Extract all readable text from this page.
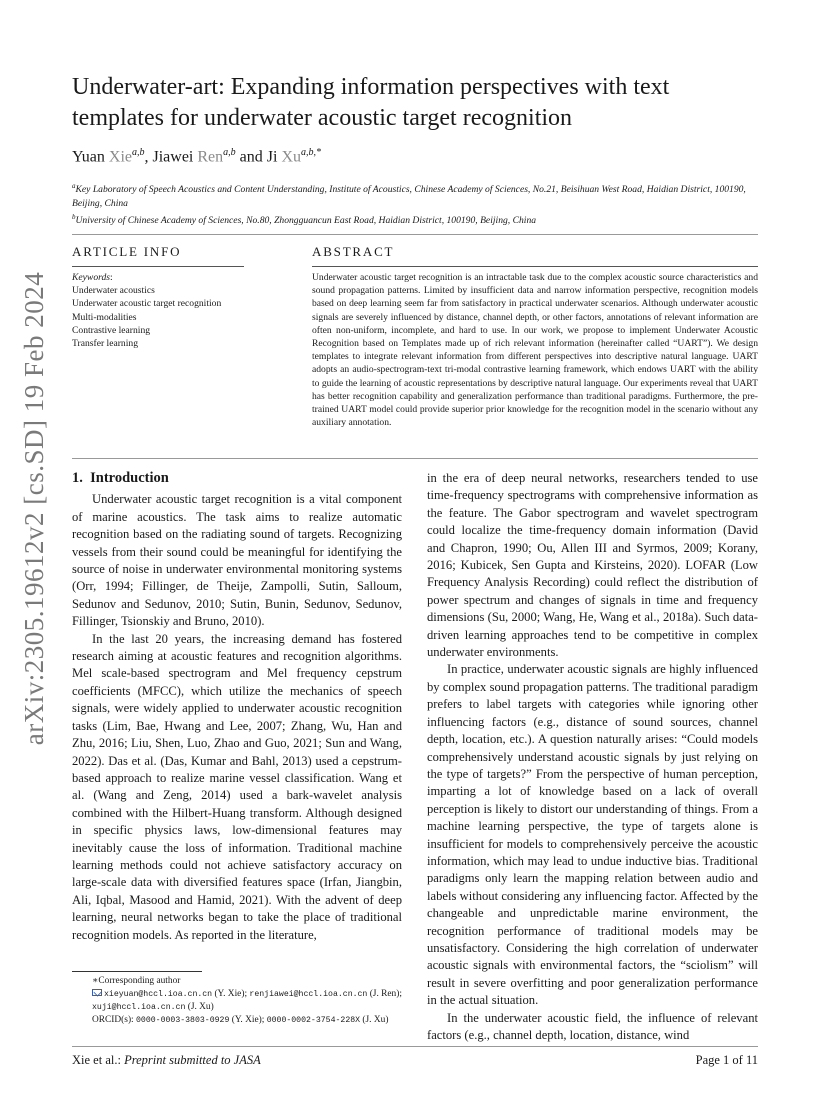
arXiv:2305.19612v2 [cs.SD] 19 Feb 2024
Underwater-art: Expanding information perspectives with text templates for underwater acoustic target recognition
Yuan Xie$^{a,b}$, Jiawei Ren$^{a,b}$ and Ji $Xu^{a,b,*}$

$^a$Key Laboratory of Speech Acoustics and Content Understanding, Institute of Acoustics, Chinese Academy of Sciences, No.21, Beisihuan West Road, Haidian District, 100190, Beijing, China

$^b$University of Chinese Academy of Sciences, No.80, Zhongguancun East Road, Haidian District, 100190, Beijing, China

ARTICLE INFO	ABSTRACT
Keywords:
Underwater acoustics
Underwater acoustic target recognition
Multi-modalities
Contrastive learning
Transfer learning
Underwater acoustic target recognition is an intractable task due to the complex acoustic source characteristics and sound propagation patterns. Limited by insufficient data and narrow information perspective, recognition models based on deep learning seem far from satisfactory in practical underwater scenarios. Although underwater acoustic signals are severely influenced by distance, channel depth, or other factors, annotations of relevant information are often non-uniform, incomplete, and hard to use. In our work, we propose to implement Underwater Acoustic Recognition based on Templates made up of rich relevant information (hereinafter called “UART”). We design templates to integrate relevant information from different perspectives into descriptive natural language. UART adopts an audio-spectrogram-text tri-modal contrastive learning framework, which endows UART with the ability to guide the learning of acoustic representations by descriptive natural language. Our experiments reveal that UART has better recognition capability and generalization performance than traditional paradigms. Furthermore, the pre-trained UART model could provide superior prior knowledge for the recognition model in the scenario without any auxiliary annotation.
1. Introduction

Underwater acoustic target recognition is a vital component of marine acoustics. The task aims to realize automatic recognition based on the radiating sound of targets. Recognizing vessels from their sound could be meaningful for identifying the source of noise in underwater environmental monitoring systems (Orr, 1994; Fillinger, de Theije, Zampolli, Sutin, Salloum, Sedunov and Sedunov, 2010; Sutin, Bunin, Sedunov, Sedunov, Fillinger, Tsionskiy and Bruno, 2010).

In the last 20 years, the increasing demand has fostered research aiming at acoustic features and recognition algorithms. Mel scale-based spectrogram and Mel frequency cepstrum coefficients (MFCC), which utilize the mechanics of speech signals, were widely applied to underwater acoustic recognition tasks (Lim, Bae, Hwang and Lee, 2007; Zhang, Wu, Han and Zhu, 2016; Liu, Shen, Luo, Zhao and Guo, 2021; Sun and Wang, 2022). Das et al. (Das, Kumar and Bahl, 2013) used a cepstrum-based approach to realize marine vessel classification. Wang et al. (Wang and Zeng, 2014) used a bark-wavelet analysis combined with the Hilbert-Huang transform. Although designed in specific physics laws, low-dimensional features may inevitably cause the loss of information. Traditional machine learning methods could not achieve satisfactory accuracy on large-scale data with diversified features space (Irfan, Jiangbin, Ali, Iqbal, Masood and Hamid, 2021). With the advent of deep learning, neural networks began to take the place of traditional recognition models. As reported in the literature,

in the era of deep neural networks, researchers tended to use time-frequency spectrograms with comprehensive information as the feature. The Gabor spectrogram and wavelet spectrogram could localize the time-frequency domain information (David and Chapron, 1990; Ou, Allen III and Syrmos, 2009; Korany, 2016; Kubicek, Sen Gupta and Kirsteins, 2020). LOFAR (Low Frequency Analysis Recording) could reflect the distribution of power spectrum and changes of signals in time and frequency dimensions (Su, 2000; Wang, He, Wang et al., 2018a). Such data-driven learning approaches tend to be competitive in complex underwater environments.

In practice, underwater acoustic signals are highly influenced by complex sound propagation patterns. The traditional paradigm prefers to label targets with categories while ignoring other influencing factors (e.g., distance of sound sources, channel depth, location, etc.). A question naturally arises: “Could models comprehensively understand acoustic signals by just relying on the type of targets?” From the perspective of human perception, imparting a lot of knowledge based on a lack of overall perception is likely to distort our understanding of things. From a machine learning perspective, the type of targets alone is insufficient for models to comprehensively perceive the acoustic information, which may lead to undue inductive bias. Traditional paradigms only learn the mapping relation between audio and labels without considering any influencing factor. Affected by the changeable and unpredictable marine environment, the recognition performance of traditional models may be unsatisfactory. Considering the high correlation of underwater acoustic signals with environmental factors, the “sciolism” will result in severe overfitting and poor generalization performance in the actual situation.

In the underwater acoustic field, the influence of relevant factors (e.g., channel depth, location, distance, wind

∗Corresponding author
xieyuan@hccl.ioa.cn.cn (Y. Xie); renjiawei@hccl.ioa.cn.cn (J. Ren); xuji@hccl.ioa.cn.cn (J. Xu)
ORCID(s): 0000-0003-3803-0929 (Y. Xie); 0000-0002-3754-228X (J. Xu)
Xie et al.: Preprint submitted to JASA	Page 1 of 11
